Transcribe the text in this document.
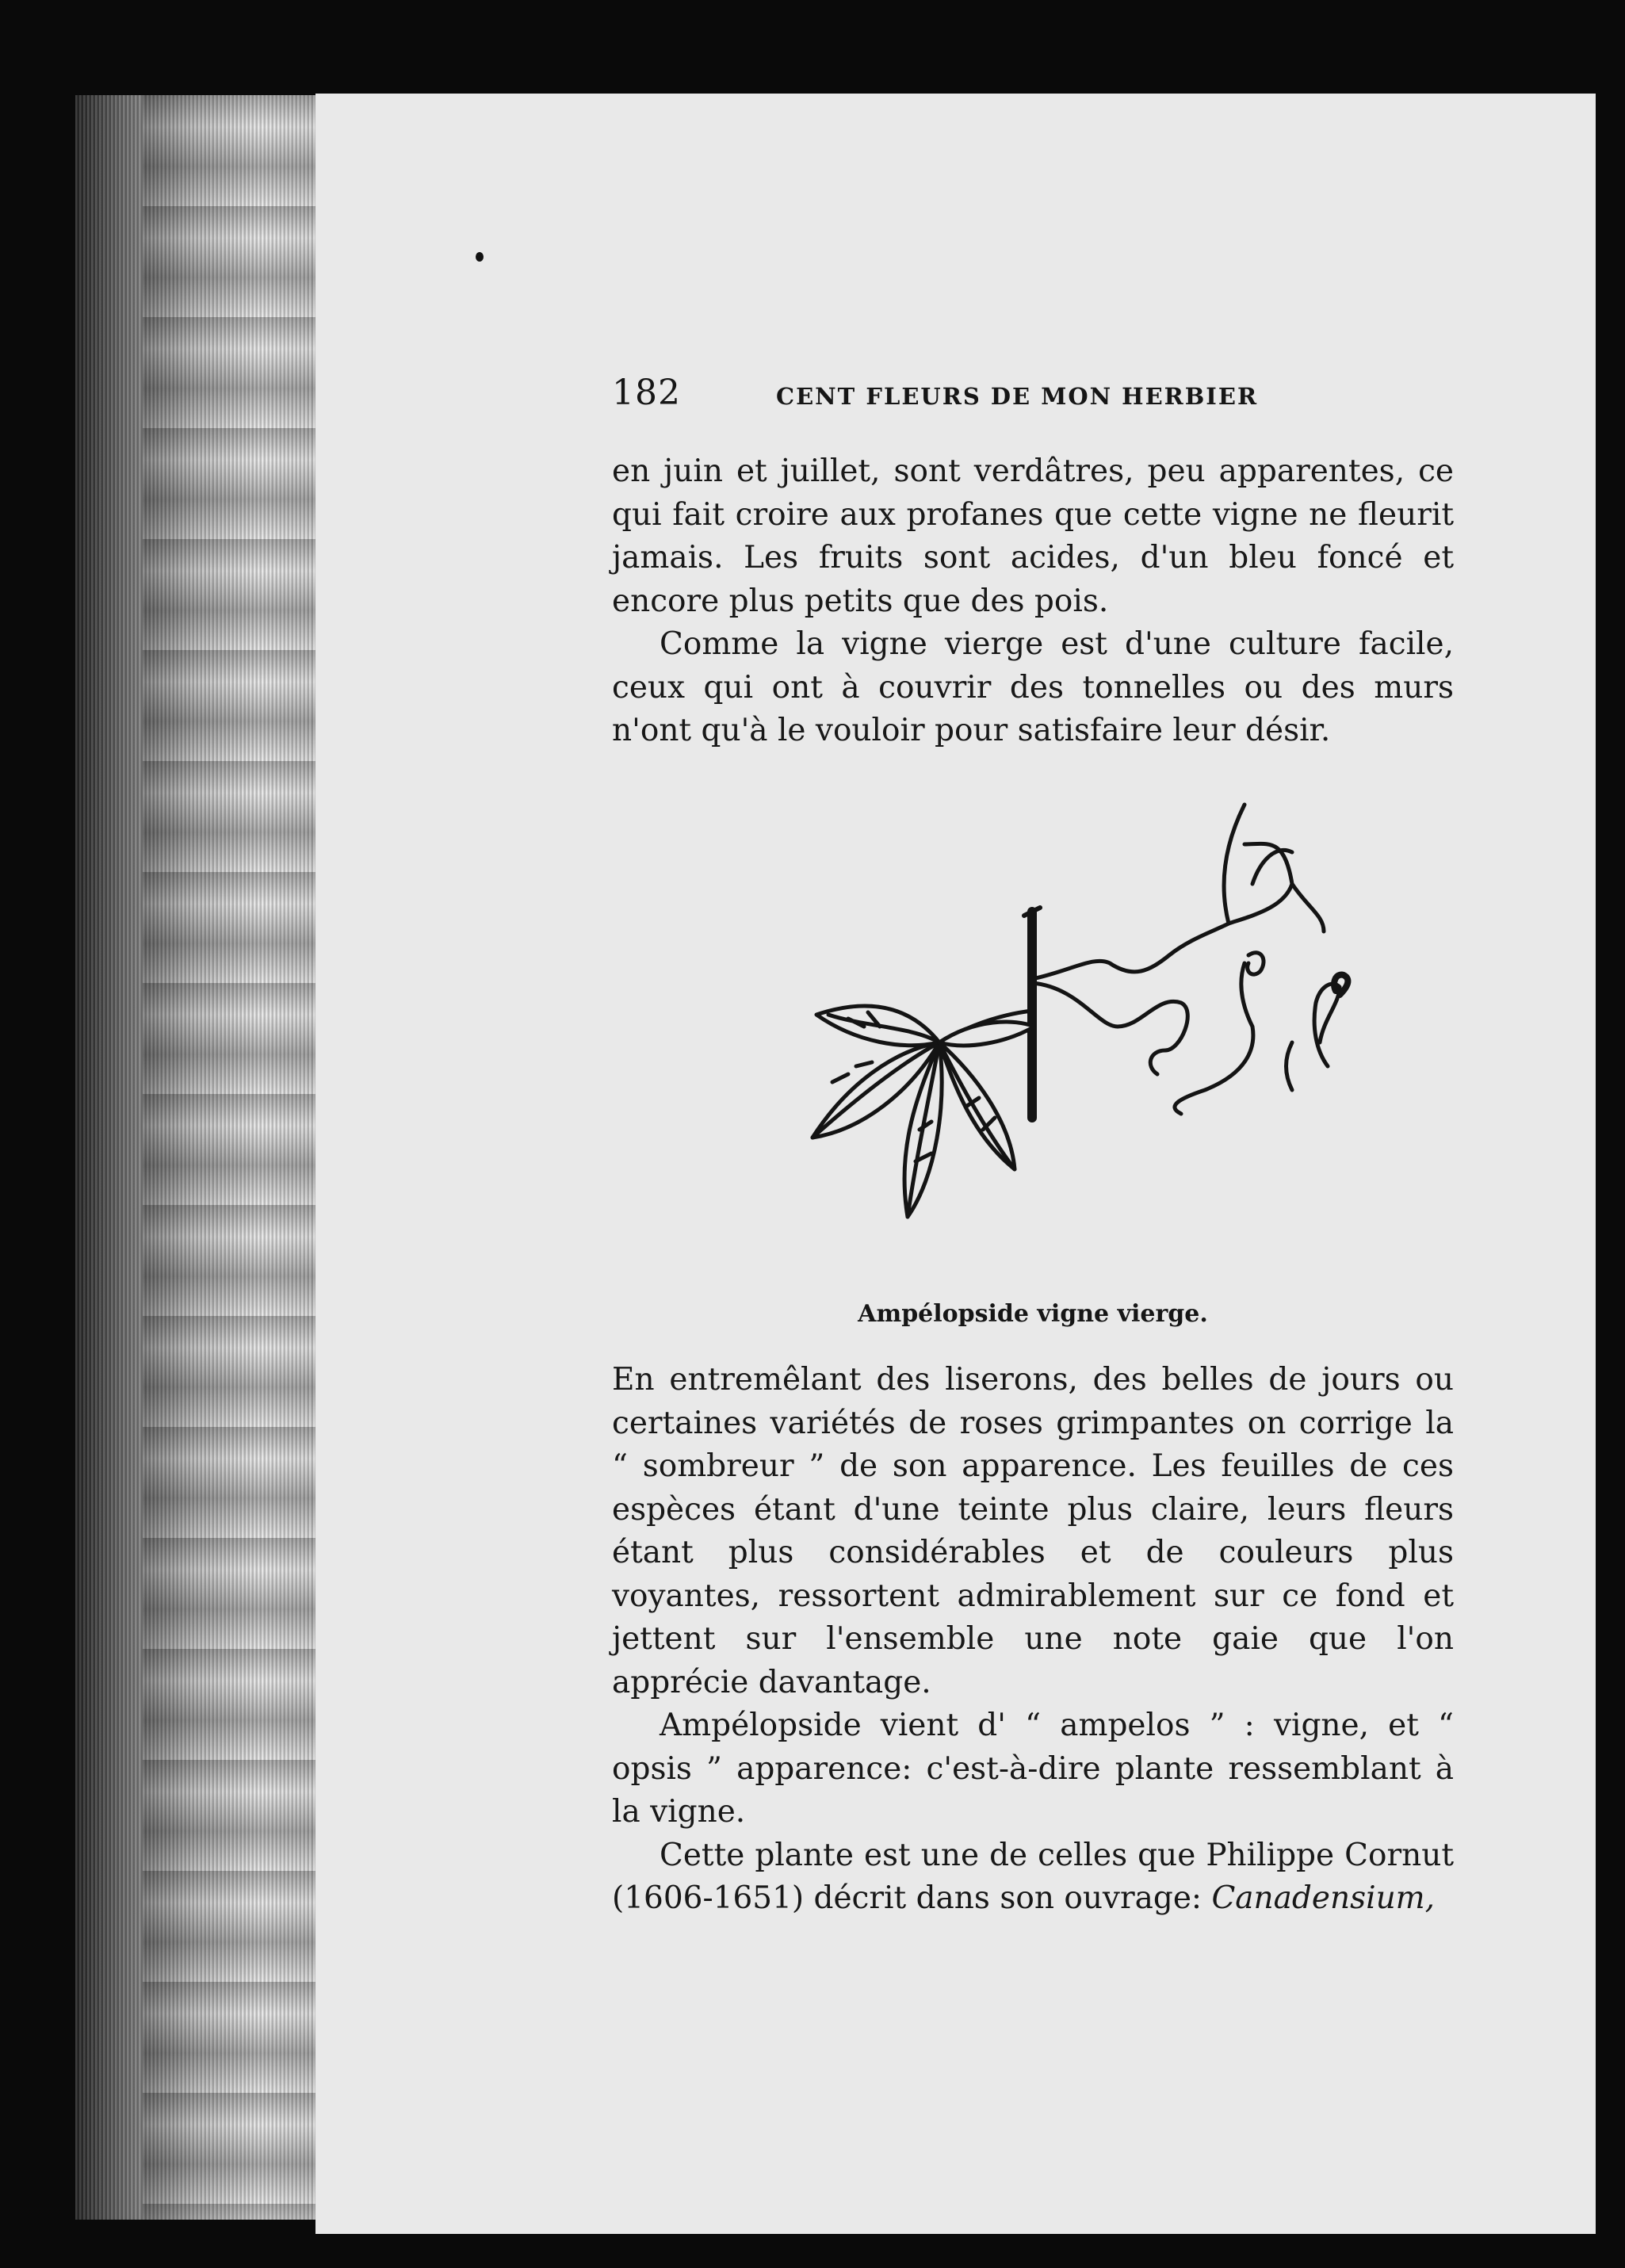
182	CENT FLEURS DE MON HERBIER

en juin et juillet, sont verdâtres, peu apparentes, ce qui fait croire aux profanes que cette vigne ne fleurit jamais. Les fruits sont acides, d'un bleu foncé et encore plus petits que des pois.

Comme la vigne vierge est d'une culture facile, ceux qui ont à couvrir des tonnelles ou des murs n'ont qu'à le vouloir pour satisfaire leur désir.

Ampélopside vigne vierge.

En entremêlant des liserons, des belles de jours ou certaines variétés de roses grimpantes on corrige la “ sombreur ” de son apparence. Les feuilles de ces espèces étant d'une teinte plus claire, leurs fleurs étant plus considérables et de couleurs plus voyantes, ressortent admirablement sur ce fond et jettent sur l'ensemble une note gaie que l'on apprécie davantage.

Ampélopside vient d' “ ampelos ” : vigne, et “ opsis ” apparence: c'est-à-dire plante ressemblant à la vigne.

Cette plante est une de celles que Philippe Cornut (1606-1651) décrit dans son ouvrage: Canadensium,
